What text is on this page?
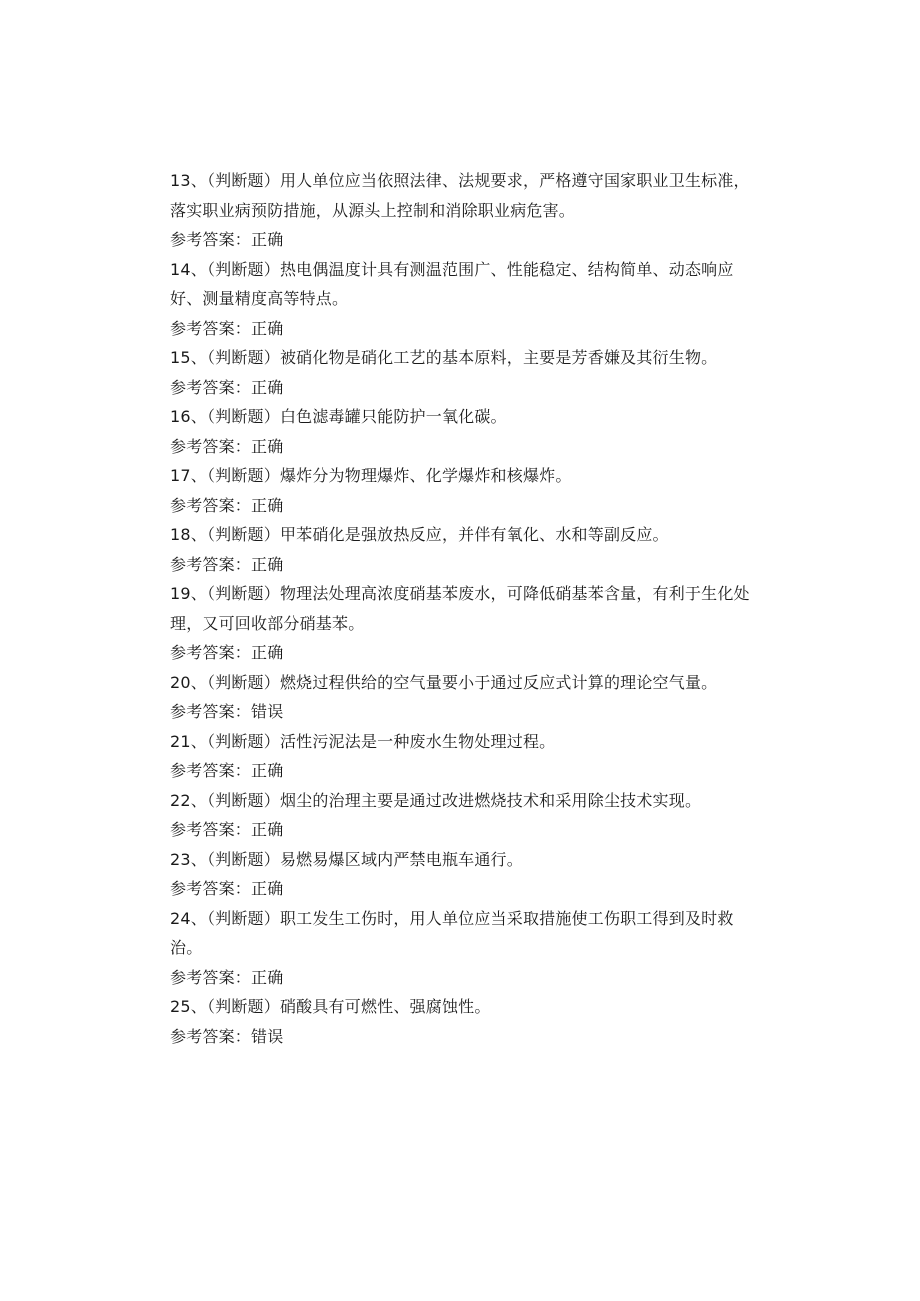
13、（判断题）用人单位应当依照法律、法规要求，严格遵守国家职业卫生标准，落实职业病预防措施，从源头上控制和消除职业病危害。

参考答案：正确

14、（判断题）热电偶温度计具有测温范围广、性能稳定、结构简单、动态响应好、测量精度高等特点。

参考答案：正确

15、（判断题）被硝化物是硝化工艺的基本原料，主要是芳香嫌及其衍生物。

参考答案：正确

16、（判断题）白色滤毒罐只能防护一氧化碳。

参考答案：正确

17、（判断题）爆炸分为物理爆炸、化学爆炸和核爆炸。

参考答案：正确

18、（判断题）甲苯硝化是强放热反应，并伴有氧化、水和等副反应。

参考答案：正确

19、（判断题）物理法处理高浓度硝基苯废水，可降低硝基苯含量，有利于生化处理，又可回收部分硝基苯。

参考答案：正确

20、（判断题）燃烧过程供给的空气量要小于通过反应式计算的理论空气量。

参考答案：错误

21、（判断题）活性污泥法是一种废水生物处理过程。

参考答案：正确

22、（判断题）烟尘的治理主要是通过改进燃烧技术和采用除尘技术实现。

参考答案：正确

23、（判断题）易燃易爆区域内严禁电瓶车通行。

参考答案：正确

24、（判断题）职工发生工伤时，用人单位应当采取措施使工伤职工得到及时救治。

参考答案：正确

25、（判断题）硝酸具有可燃性、强腐蚀性。

参考答案：错误
